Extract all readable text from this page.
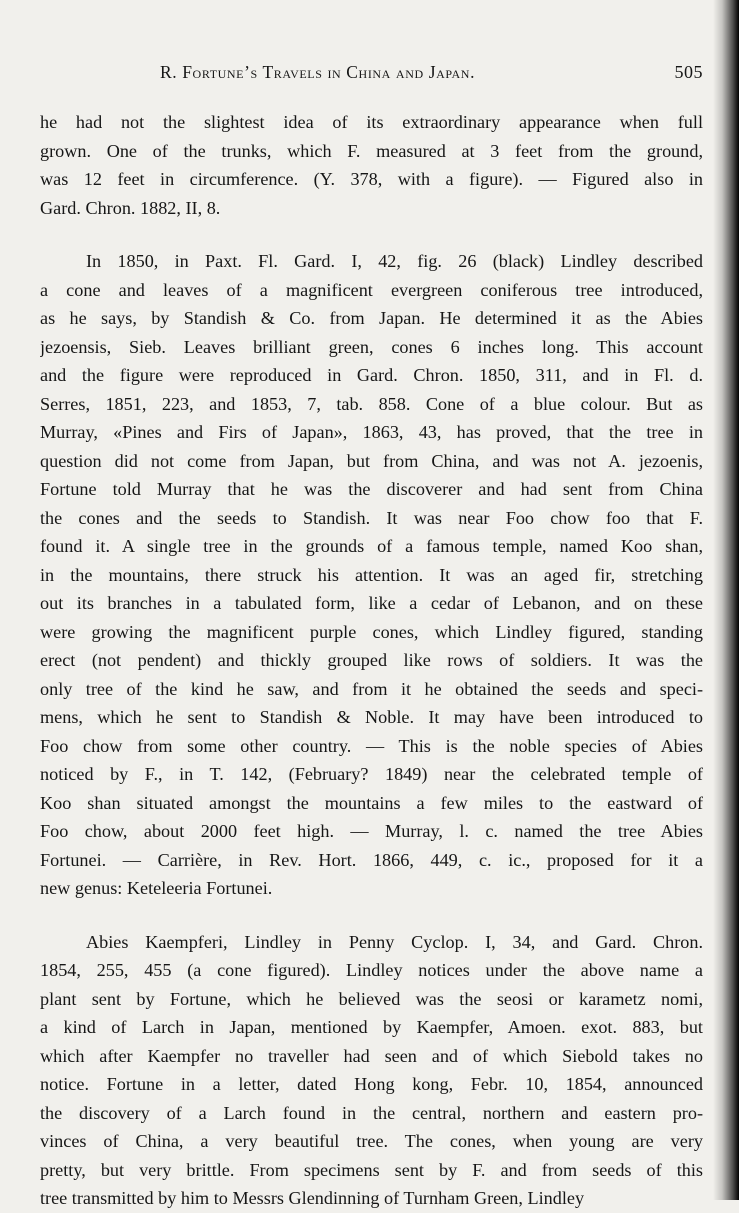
R. Fortune’s Travels in China and Japan.	505
he had not the slightest idea of its extraordinary appearance when full
grown. One of the trunks, which F. measured at 3 feet from the ground,
was 12 feet in circumference. (Y. 378, with a figure). — Figured also in
Gard. Chron. 1882, II, 8.
In 1850, in Paxt. Fl. Gard. I, 42, fig. 26 (black) Lindley described
a cone and leaves of a magnificent evergreen coniferous tree introduced,
as he says, by Standish & Co. from Japan. He determined it as the Abies
jezoensis, Sieb. Leaves brilliant green, cones 6 inches long. This account
and the figure were reproduced in Gard. Chron. 1850, 311, and in Fl. d.
Serres, 1851, 223, and 1853, 7, tab. 858. Cone of a blue colour. But as
Murray, «Pines and Firs of Japan», 1863, 43, has proved, that the tree in
question did not come from Japan, but from China, and was not A. jezoenis,
Fortune told Murray that he was the discoverer and had sent from China
the cones and the seeds to Standish. It was near Foo chow foo that F.
found it. A single tree in the grounds of a famous temple, named Koo shan,
in the mountains, there struck his attention. It was an aged fir, stretching
out its branches in a tabulated form, like a cedar of Lebanon, and on these
were growing the magnificent purple cones, which Lindley figured, standing
erect (not pendent) and thickly grouped like rows of soldiers. It was the
only tree of the kind he saw, and from it he obtained the seeds and speci-
mens, which he sent to Standish & Noble. It may have been introduced to
Foo chow from some other country. — This is the noble species of Abies
noticed by F., in T. 142, (February? 1849) near the celebrated temple of
Koo shan situated amongst the mountains a few miles to the eastward of
Foo chow, about 2000 feet high. — Murray, l. c. named the tree Abies
Fortunei. — Carrière, in Rev. Hort. 1866, 449, c. ic., proposed for it a
new genus: Keteleeria Fortunei.
Abies Kaempferi, Lindley in Penny Cyclop. I, 34, and Gard. Chron.
1854, 255, 455 (a cone figured). Lindley notices under the above name a
plant sent by Fortune, which he believed was the seosi or karametz nomi,
a kind of Larch in Japan, mentioned by Kaempfer, Amoen. exot. 883, but
which after Kaempfer no traveller had seen and of which Siebold takes no
notice. Fortune in a letter, dated Hong kong, Febr. 10, 1854, announced
the discovery of a Larch found in the central, northern and eastern pro-
vinces of China, a very beautiful tree. The cones, when young are very
pretty, but very brittle. From specimens sent by F. and from seeds of this
tree transmitted by him to Messrs Glendinning of Turnham Green, Lindley
